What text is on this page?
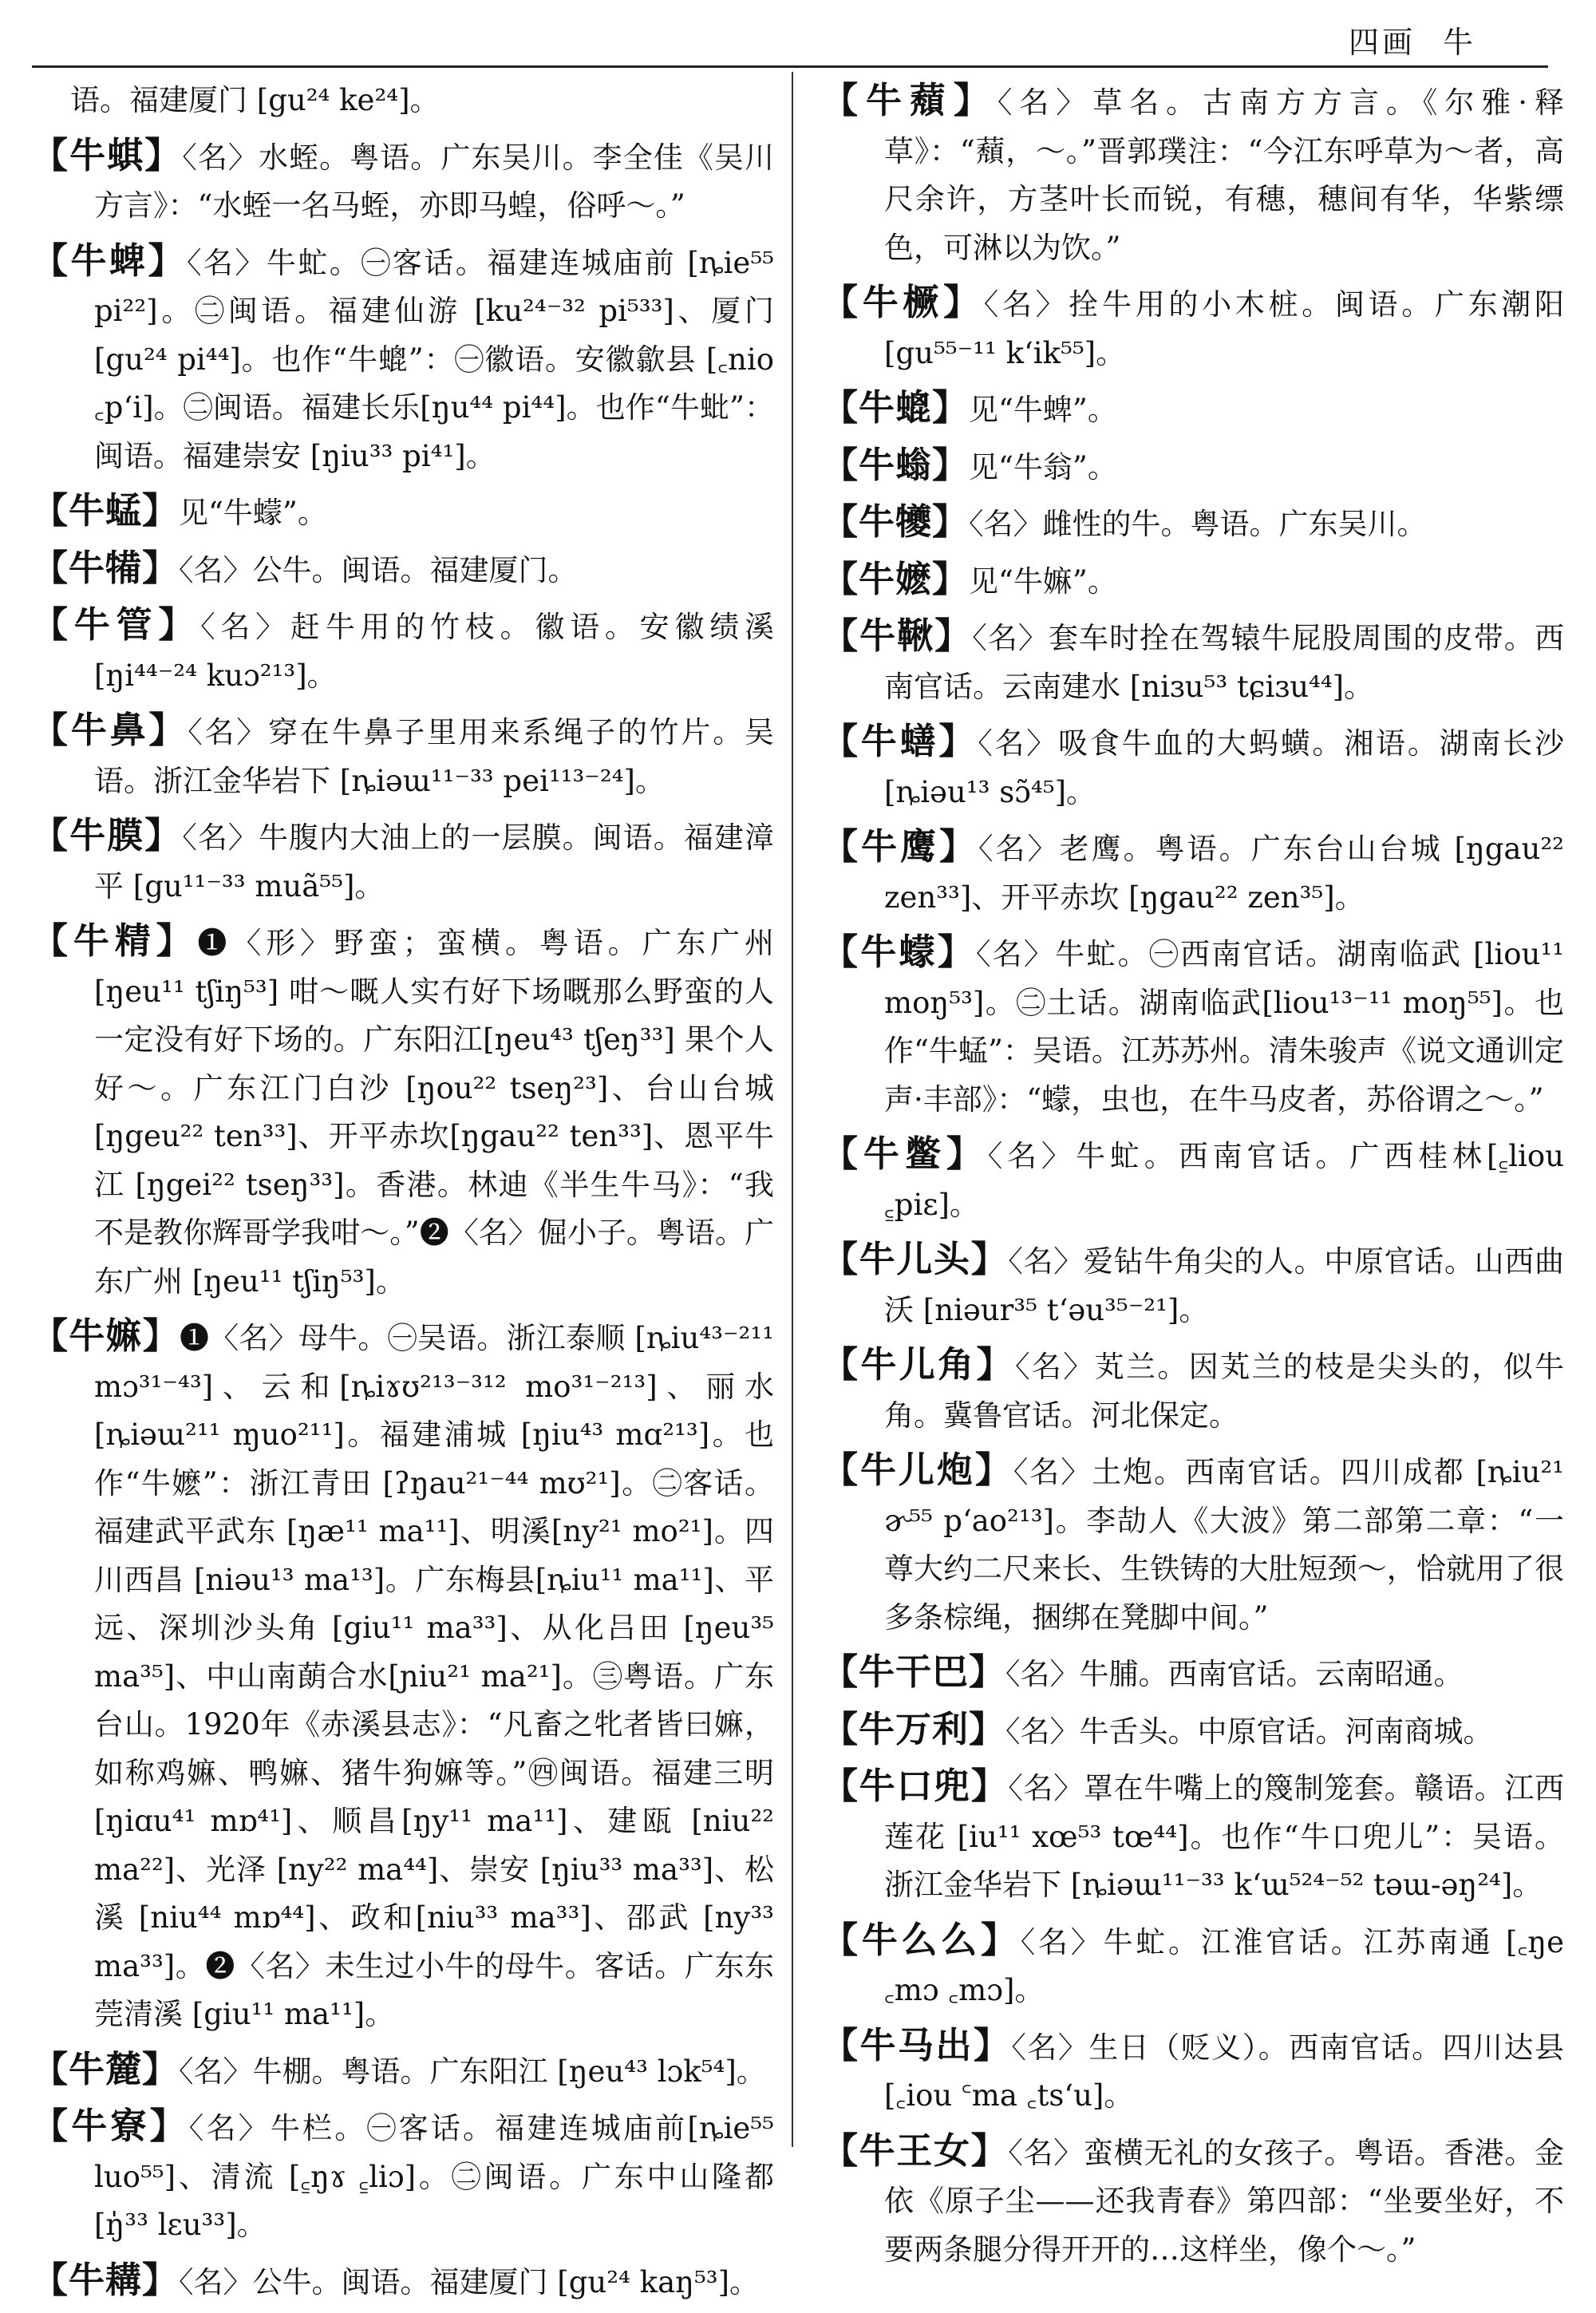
四画 牛
语。福建厦门 [gu²⁴ ke²⁴]。
【牛蜞】〈名〉水蛭。粤语。广东吴川。李全佳《吴川方言》：“水蛭一名马蛭，亦即马蝗，俗呼～。”
【牛蜱】〈名〉牛虻。㊀客话。福建连城庙前 [ȵie⁵⁵ pi²²]。㊁闽语。福建仙游 [ku²⁴⁻³² pi⁵³³]、厦门 [gu²⁴ pi⁴⁴]。也作“牛螕”：㊀徽语。安徽歙县 [꜀nio ꜀p‘i]。㊁闽语。福建长乐[ŋu⁴⁴ pi⁴⁴]。也作“牛蚍”：闽语。福建崇安 [ŋiu³³ pi⁴¹]。
【牛蜢】见“牛蠓”。
【牛犕】〈名〉公牛。闽语。福建厦门。
【牛管】〈名〉赶牛用的竹枝。徽语。安徽绩溪 [ŋi⁴⁴⁻²⁴ kuɔ²¹³]。
【牛鼻】〈名〉穿在牛鼻子里用来系绳子的竹片。吴语。浙江金华岩下 [ȵiəɯ¹¹⁻³³ pei¹¹³⁻²⁴]。
【牛膜】〈名〉牛腹内大油上的一层膜。闽语。福建漳平 [gu¹¹⁻³³ muã⁵⁵]。
【牛精】❶〈形〉野蛮；蛮横。粤语。广东广州 [ŋeu¹¹ tʃiŋ⁵³] 咁～嘅人实冇好下场嘅那么野蛮的人一定没有好下场的。广东阳江[ŋeu⁴³ tʃeŋ³³] 果个人好～。广东江门白沙 [ŋou²² tseŋ²³]、台山台城 [ŋgeu²² ten³³]、开平赤坎[ŋgau²² ten³³]、恩平牛江 [ŋgei²² tseŋ³³]。香港。林迪《半生牛马》：“我不是教你辉哥学我咁～。”❷〈名〉倔小子。粤语。广东广州 [ŋeu¹¹ tʃiŋ⁵³]。
【牛嫲】❶〈名〉母牛。㊀吴语。浙江泰顺 [ȵiu⁴³⁻²¹¹ mɔ³¹⁻⁴³]、云和[ȵiɤʊ²¹³⁻³¹² mo³¹⁻²¹³]、丽水[ȵiəɯ²¹¹ ɱuo²¹¹]。福建浦城 [ŋiu⁴³ mɑ²¹³]。也作“牛嬷”：浙江青田 [ʔŋau²¹⁻⁴⁴ mʊ²¹]。㊁客话。福建武平武东 [ŋæ¹¹ ma¹¹]、明溪[ny²¹ mo²¹]。四川西昌 [niəu¹³ ma¹³]。广东梅县[ȵiu¹¹ ma¹¹]、平远、深圳沙头角 [giu¹¹ ma³³]、从化吕田 [ŋeu³⁵ ma³⁵]、中山南蓢合水[ɲiu²¹ ma²¹]。㊂粤语。广东台山。1920年《赤溪县志》：“凡畜之牝者皆曰嫲，如称鸡嫲、鸭嫲、猪牛狗嫲等。”㊃闽语。福建三明[ŋiɑu⁴¹ mɒ⁴¹]、顺昌[ŋy¹¹ ma¹¹]、建瓯 [niu²² ma²²]、光泽 [ny²² ma⁴⁴]、崇安 [ŋiu³³ ma³³]、松溪 [niu⁴⁴ mɒ⁴⁴]、政和[niu³³ ma³³]、邵武 [ny³³ ma³³]。❷〈名〉未生过小牛的母牛。客话。广东东莞清溪 [giu¹¹ ma¹¹]。
【牛麓】〈名〉牛棚。粤语。广东阳江 [ŋeu⁴³ lɔk⁵⁴]。
【牛寮】〈名〉牛栏。㊀客话。福建连城庙前[ȵie⁵⁵ luo⁵⁵]、清流 [꜁ŋɤ ꜁liɔ]。㊁闽语。广东中山隆都 [ŋ̍³³ lɛu³³]。
【牛耩】〈名〉公牛。闽语。福建厦门 [gu²⁴ kaŋ⁵³]。
【牛蘈】〈名〉草名。古南方方言。《尔雅·释草》：“蘈，～。”晋郭璞注：“今江东呼草为～者，高尺余许，方茎叶长而锐，有穗，穗间有华，华紫缥色，可淋以为饮。”
【牛橛】〈名〉拴牛用的小木桩。闽语。广东潮阳[gu⁵⁵⁻¹¹ k‘ik⁵⁵]。
【牛螕】见“牛蜱”。
【牛螉】见“牛翁”。
【牛犪】〈名〉雌性的牛。粤语。广东吴川。
【牛嬷】见“牛嫲”。
【牛鞦】〈名〉套车时拴在驾辕牛屁股周围的皮带。西南官话。云南建水 [niɜu⁵³ tɕiɜu⁴⁴]。
【牛蟮】〈名〉吸食牛血的大蚂蟥。湘语。湖南长沙 [ȵiəu¹³ sɔ̃⁴⁵]。
【牛鹰】〈名〉老鹰。粤语。广东台山台城 [ŋgau²² zen³³]、开平赤坎 [ŋgau²² zen³⁵]。
【牛蠓】〈名〉牛虻。㊀西南官话。湖南临武 [liou¹¹ moŋ⁵³]。㊁土话。湖南临武[liou¹³⁻¹¹ moŋ⁵⁵]。也作“牛蜢”：吴语。江苏苏州。清朱骏声《说文通训定声·丰部》：“蠓，虫也，在牛马皮者，苏俗谓之～。”
【牛鳖】〈名〉牛虻。西南官话。广西桂林[꜁liou ꜁piɛ]。
【牛儿头】〈名〉爱钻牛角尖的人。中原官话。山西曲沃 [niəur³⁵ t‘əu³⁵⁻²¹]。
【牛儿角】〈名〉芄兰。因芄兰的枝是尖头的，似牛角。冀鲁官话。河北保定。
【牛儿炮】〈名〉土炮。西南官话。四川成都 [ȵiu²¹ ɚ⁵⁵ p‘ao²¹³]。李劼人《大波》第二部第二章：“一尊大约二尺来长、生铁铸的大肚短颈～，恰就用了很多条棕绳，捆绑在凳脚中间。”
【牛干巴】〈名〉牛脯。西南官话。云南昭通。
【牛万利】〈名〉牛舌头。中原官话。河南商城。
【牛口兜】〈名〉罩在牛嘴上的篾制笼套。赣语。江西莲花 [iu¹¹ xœ⁵³ tœ⁴⁴]。也作“牛口兜儿”：吴语。浙江金华岩下 [ȵiəɯ¹¹⁻³³ k‘ɯ⁵²⁴⁻⁵² təɯ-əŋ²⁴]。
【牛么么】〈名〉牛虻。江淮官话。江苏南通 [꜀ŋe ꜀mɔ ꜀mɔ]。
【牛马出】〈名〉生日（贬义）。西南官话。四川达县 [꜀iou ꜂ma ꜀ts‘u]。
【牛王女】〈名〉蛮横无礼的女孩子。粤语。香港。金依《原子尘——还我青春》第四部：“坐要坐好，不要两条腿分得开开的…这样坐，像个～。”
